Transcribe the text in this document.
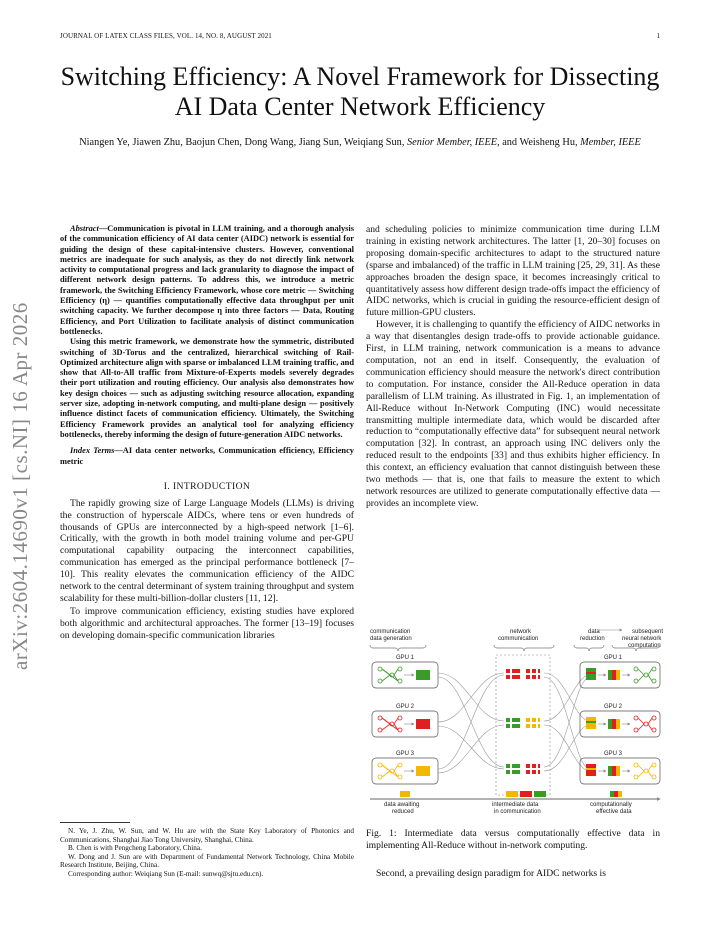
JOURNAL OF LATEX CLASS FILES, VOL. 14, NO. 8, AUGUST 2021	1
arXiv:2604.14690v1 [cs.NI] 16 Apr 2026
Switching Efficiency: A Novel Framework for Dissecting AI Data Center Network Efficiency
Niangen Ye, Jiawen Zhu, Baojun Chen, Dong Wang, Jiang Sun, Weiqiang Sun, Senior Member, IEEE, and Weisheng Hu, Member, IEEE

Abstract—Communication is pivotal in LLM training, and a thorough analysis of the communication efficiency of AI data center (AIDC) network is essential for guiding the design of these capital-intensive clusters. However, conventional metrics are inadequate for such analysis, as they do not directly link network activity to computational progress and lack granularity to diagnose the impact of different network design patterns. To address this, we introduce a metric framework, the Switching Efficiency Framework, whose core metric — Switching Efficiency (η) — quantifies computationally effective data throughput per unit switching capacity. We further decompose η into three factors — Data, Routing Efficiency, and Port Utilization to facilitate analysis of distinct communication bottlenecks.

Using this metric framework, we demonstrate how the symmetric, distributed switching of 3D-Torus and the centralized, hierarchical switching of Rail-Optimized architecture align with sparse or imbalanced LLM training traffic, and show that All-to-All traffic from Mixture-of-Experts models severely degrades their port utilization and routing efficiency. Our analysis also demonstrates how key design choices — such as adjusting switching resource allocation, expanding server size, adopting in-network computing, and multi-plane design — positively influence distinct facets of communication efficiency. Ultimately, the Switching Efficiency Framework provides an analytical tool for analyzing efficiency bottlenecks, thereby informing the design of future-generation AIDC networks.

Index Terms—AI data center networks, Communication efficiency, Efficiency metric
I. INTRODUCTION

The rapidly growing size of Large Language Models (LLMs) is driving the construction of hyperscale AIDCs, where tens or even hundreds of thousands of GPUs are interconnected by a high-speed network [1–6]. Critically, with the growth in both model training volume and per-GPU computational capability outpacing the interconnect capabilities, communication has emerged as the principal performance bottleneck [7–10]. This reality elevates the communication efficiency of the AIDC network to the central determinant of system training throughput and system scalability for these multi-billion-dollar clusters [11, 12].

To improve communication efficiency, existing studies have explored both algorithmic and architectural approaches. The former [13–19] focuses on developing domain-specific communication libraries

N. Ye, J. Zhu, W. Sun, and W. Hu are with the State Key Laboratory of Photonics and Communications, Shanghai Jiao Tong University, Shanghai, China.

B. Chen is with Pengcheng Laboratory, China.

W. Dong and J. Sun are with Department of Fundamental Network Technology, China Mobile Research Institute, Beijing, China.

Corresponding author: Weiqiang Sun (E-mail: sunwq@sjtu.edu.cn).

and scheduling policies to minimize communication time during LLM training in existing network architectures. The latter [1, 20–30] focuses on proposing domain-specific architectures to adapt to the structured nature (sparse and imbalanced) of the traffic in LLM training [25, 29, 31]. As these approaches broaden the design space, it becomes increasingly critical to quantitatively assess how different design trade-offs impact the efficiency of AIDC networks, which is crucial in guiding the resource-efficient design of future million-GPU clusters.

However, it is challenging to quantify the efficiency of AIDC networks in a way that disentangles design trade-offs to provide actionable guidance. First, in LLM training, network communication is a means to advance computation, not an end in itself. Consequently, the evaluation of communication efficiency should measure the network's direct contribution to computation. For instance, consider the All-Reduce operation in data parallelism of LLM training. As illustrated in Fig. 1, an implementation of All-Reduce without In-Network Computing (INC) would necessitate transmitting multiple intermediate data, which would be discarded after reduction to “computationally effective data” for subsequent neural network computation [32]. In contrast, an approach using INC delivers only the reduced result to the endpoints [33] and thus exhibits higher efficiency. In this context, an efficiency evaluation that cannot distinguish between these two methods — that is, one that fails to measure the extent to which network resources are utilized to generate computationally effective data — provides an incomplete view.

communication data generation
network communication
data reduction
subsequent neural network computation
GPU 1
GPU 2
GPU 3
GPU 1
GPU 2
GPU 3
data awaiting reduced
intermediate data in communication
computationally effective data
Fig. 1: Intermediate data versus computationally effective data in implementing All-Reduce without in-network computing.

Second, a prevailing design paradigm for AIDC networks is
